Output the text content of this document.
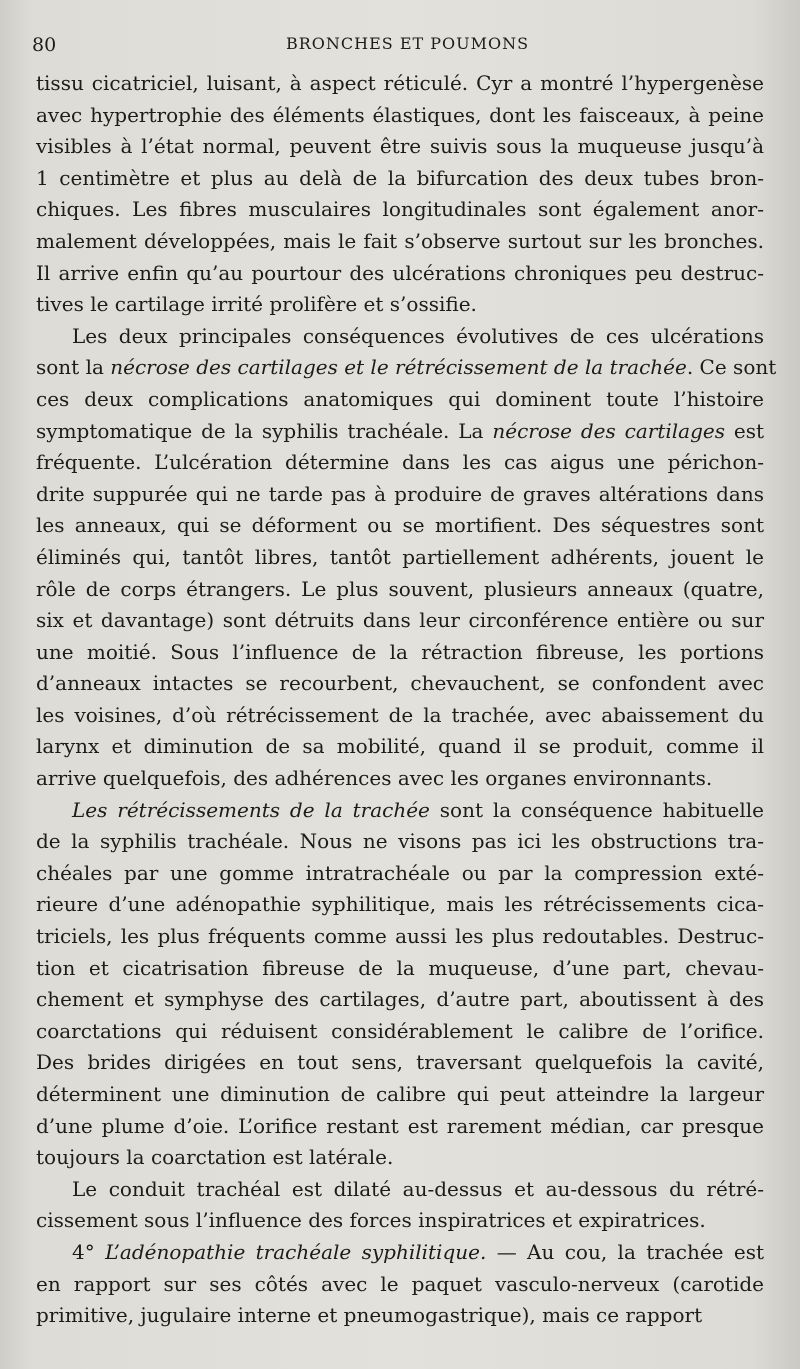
80	BRONCHES ET POUMONS
tissu cicatriciel, luisant, à aspect réticulé. Cyr a montré l’hypergenèse
avec hypertrophie des éléments élastiques, dont les faisceaux, à peine
visibles à l’état normal, peuvent être suivis sous la muqueuse jusqu’à
1 centimètre et plus au delà de la bifurcation des deux tubes bron-
chiques. Les fibres musculaires longitudinales sont également anor-
malement développées, mais le fait s’observe surtout sur les bronches.
Il arrive enfin qu’au pourtour des ulcérations chroniques peu destruc-
tives le cartilage irrité prolifère et s’ossifie.
Les deux principales conséquences évolutives de ces ulcérations
sont la nécrose des cartilages et le rétrécissement de la trachée. Ce sont
ces deux complications anatomiques qui dominent toute l’histoire
symptomatique de la syphilis trachéale. La nécrose des cartilages est
fréquente. L’ulcération détermine dans les cas aigus une périchon-
drite suppurée qui ne tarde pas à produire de graves altérations dans
les anneaux, qui se déforment ou se mortifient. Des séquestres sont
éliminés qui, tantôt libres, tantôt partiellement adhérents, jouent le
rôle de corps étrangers. Le plus souvent, plusieurs anneaux (quatre,
six et davantage) sont détruits dans leur circonférence entière ou sur
une moitié. Sous l’influence de la rétraction fibreuse, les portions
d’anneaux intactes se recourbent, chevauchent, se confondent avec
les voisines, d’où rétrécissement de la trachée, avec abaissement du
larynx et diminution de sa mobilité, quand il se produit, comme il
arrive quelquefois, des adhérences avec les organes environnants.
Les rétrécissements de la trachée sont la conséquence habituelle
de la syphilis trachéale. Nous ne visons pas ici les obstructions tra-
chéales par une gomme intratrachéale ou par la compression exté-
rieure d’une adénopathie syphilitique, mais les rétrécissements cica-
triciels, les plus fréquents comme aussi les plus redoutables. Destruc-
tion et cicatrisation fibreuse de la muqueuse, d’une part, chevau-
chement et symphyse des cartilages, d’autre part, aboutissent à des
coarctations qui réduisent considérablement le calibre de l’orifice.
Des brides dirigées en tout sens, traversant quelquefois la cavité,
déterminent une diminution de calibre qui peut atteindre la largeur
d’une plume d’oie. L’orifice restant est rarement médian, car presque
toujours la coarctation est latérale.
Le conduit trachéal est dilaté au-dessus et au-dessous du rétré-
cissement sous l’influence des forces inspiratrices et expiratrices.
4° L’adénopathie trachéale syphilitique. — Au cou, la trachée est
en rapport sur ses côtés avec le paquet vasculo-nerveux (carotide
primitive, jugulaire interne et pneumogastrique), mais ce rapport
